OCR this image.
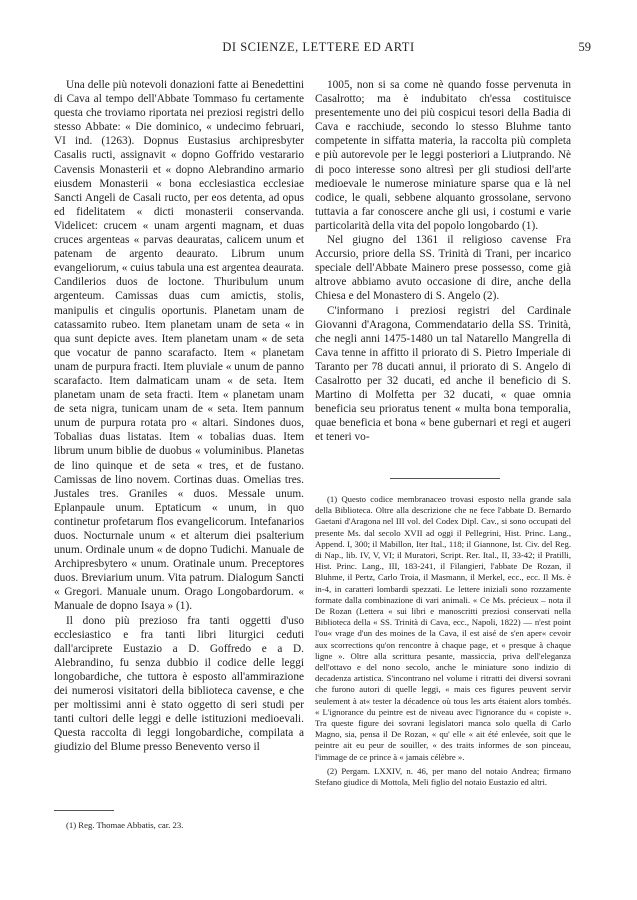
DI SCIENZE, LETTERE ED ARTI	59

Una delle più notevoli donazioni fatte ai Benedettini di Cava al tempo dell'Abbate Tommaso fu certamente questa che troviamo riportata nei preziosi registri dello stesso Abbate: « Die dominico, « undecimo februari, VI ind. (1263). Dopnus Eustasius archipresbyter Casalis ructi, assignavit « dopno Goffrido vestarario Cavensis Monasterii et « dopno Alebrandino armario eiusdem Monasterii « bona ecclesiastica ecclesiae Sancti Angeli de Casali ructo, per eos detenta, ad opus ed fidelitatem « dicti monasterii conservanda. Videlicet: crucem « unam argenti magnam, et duas cruces argenteas « parvas deauratas, calicem unum et patenam de argento deaurato. Librum unum evangeliorum, « cuius tabula una est argentea deaurata. Candilerios duos de loctone. Thuribulum unum argenteum. Camissas duas cum amictis, stolis, manipulis et cingulis oportunis. Planetam unam de catassamito rubeo. Item planetam unam de seta « in qua sunt depicte aves. Item planetam unam « de seta que vocatur de panno scarafacto. Item « planetam unam de purpura fracti. Item pluviale « unum de panno scarafacto. Item dalmaticam unam « de seta. Item planetam unam de seta fracti. Item « planetam unam de seta nigra, tunicam unam de « seta. Item pannum unum de purpura rotata pro « altari. Sindones duos, Tobalias duas listatas. Item « tobalias duas. Item librum unum biblie de duobus « voluminibus. Planetas de lino quinque et de seta « tres, et de fustano. Camissas de lino novem. Cortinas duas. Omelias tres. Justales tres. Graniles « duos. Messale unum. Eplanpaule unum. Eptaticum « unum, in quo continetur profetarum flos evangelicorum. Intefanarios duos. Nocturnale unum « et alterum diei psalterium unum. Ordinale unum « de dopno Tudichi. Manuale de Archipresbytero « unum. Oratinale unum. Preceptores duos. Breviarium unum. Vita patrum. Dialogum Sancti « Gregori. Manuale unum. Orago Longobardorum. « Manuale de dopno Isaya » (1).

Il dono più prezioso fra tanti oggetti d'uso ecclesiastico e fra tanti libri liturgici ceduti dall'arciprete Eustazio a D. Goffredo e a D. Alebrandino, fu senza dubbio il codice delle leggi longobardiche, che tuttora è esposto all'ammirazione dei numerosi visitatori della biblioteca cavense, e che per moltissimi anni è stato oggetto di seri studi per tanti cultori delle leggi e delle istituzioni medioevali. Questa raccolta di leggi longobardiche, compilata a giudizio del Blume presso Benevento verso il

1005, non si sa come nè quando fosse pervenuta in Casalrotto; ma è indubitato ch'essa costituisce presentemente uno dei più cospicui tesori della Badia di Cava e racchiude, secondo lo stesso Bluhme tanto competente in siffatta materia, la raccolta più completa e più autorevole per le leggi posteriori a Liutprando. Nè di poco interesse sono altresì per gli studiosi dell'arte medioevale le numerose miniature sparse qua e là nel codice, le quali, sebbene alquanto grossolane, servono tuttavia a far conoscere anche gli usi, i costumi e varie particolarità della vita del popolo longobardo (1).

Nel giugno del 1361 il religioso cavense Fra Accursio, priore della SS. Trinità di Trani, per incarico speciale dell'Abbate Mainero prese possesso, come già altrove abbiamo avuto occasione di dire, anche della Chiesa e del Monastero di S. Angelo (2).

C'informano i preziosi registri del Cardinale Giovanni d'Aragona, Commendatario della SS. Trinità, che negli anni 1475-1480 un tal Natarello Mangrella di Cava tenne in affitto il priorato di S. Pietro Imperiale di Taranto per 78 ducati annui, il priorato di S. Angelo di Casalrotto per 32 ducati, ed anche il beneficio di S. Martino di Molfetta per 32 ducati, « quae omnia beneficia seu prioratus tenent « multa bona temporalia, quae beneficia et bona « bene gubernari et regi et augeri et teneri vo-

(1) Reg. Thomae Abbatis, car. 23.

(1) Questo codice membranaceo trovasi esposto nella grande sala della Biblioteca. Oltre alla descrizione che ne fece l'abbate D. Bernardo Gaetani d'Aragona nel III vol. del Codex Dipl. Cav., si sono occupati del presente Ms. dal secolo XVII ad oggi il Pellegrini, Hist. Princ. Lang., Append. I, 300; il Mabillon, Iter Ital., 118; il Giannone, Ist. Civ. del Reg. di Nap., lib. IV, V, VI; il Muratori, Script. Rer. Ital., II, 33-42; il Pratilli, Hist. Princ. Lang., III, 183-241, il Filangieri, l'abbate De Rozan, il Bluhme, il Pertz, Carlo Troia, il Masmann, il Merkel, ecc., ecc. Il Ms. è in-4, in caratteri lombardi spezzati. Le lettere iniziali sono rozzamente formate dalla combinazione di vari animali. « Ce Ms. précieux – nota il De Rozan (Lettera « sui libri e manoscritti preziosi conservati nella Biblioteca della « SS. Trinità di Cava, ecc., Napoli, 1822) — n'est point l'ou« vrage d'un des moines de la Cava, il est aisé de s'en aper« cevoir aux scorrections qu'on rencontre à chaque page, et « presque à chaque ligne ». Oltre alla scrittura pesante, massiccia, priva dell'eleganza dell'ottavo e del nono secolo, anche le miniature sono indizio di decadenza artistica. S'incontrano nel volume i ritratti dei diversi sovrani che furono autori di quelle leggi, « mais ces figures peuvent servir seulement à at« tester la décadence où tous les arts étaient alors tombés. « L'ignorance du peintre est de niveau avec l'ignorance du « copiste ». Tra queste figure dei sovrani legislatori manca solo quella di Carlo Magno, sia, pensa il De Rozan, « qu' elle « ait été enlevée, soit que le peintre ait eu peur de souiller, « des traits informes de son pinceau, l'immage de ce prince à « jamais célèbre ».

(2) Pergam. LXXIV, n. 46, per mano del notaio Andrea; firmano Stefano giudice di Mottola, Meli figlio del notaio Eustazio ed altri.
